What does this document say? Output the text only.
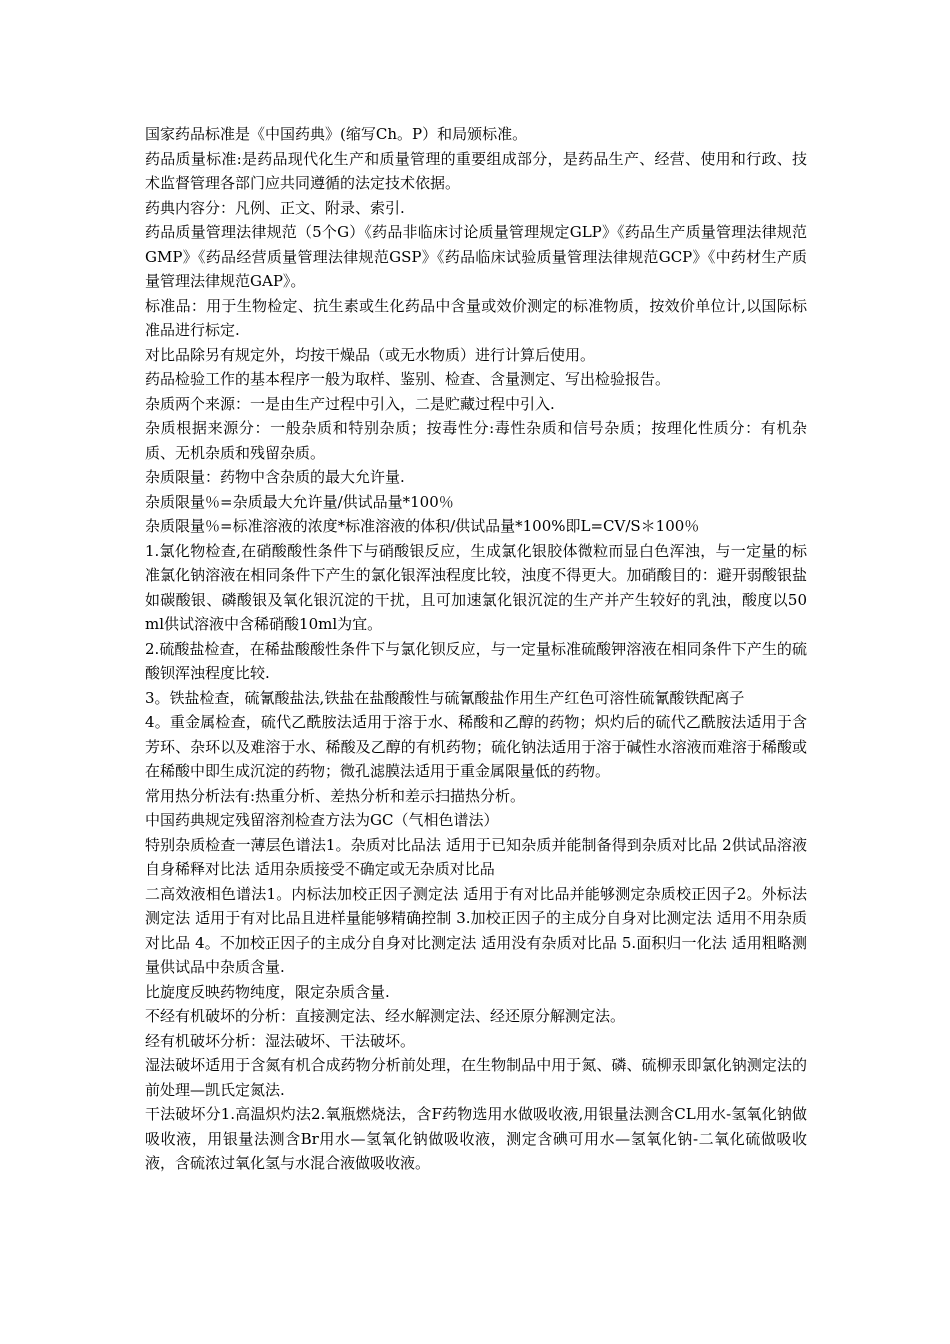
国家药品标准是《中国药典》(缩写Ch。P）和局颁标准。

药品质量标准:是药品现代化生产和质量管理的重要组成部分，是药品生产、经营、使用和行政、技术监督管理各部门应共同遵循的法定技术依据。

药典内容分：凡例、正文、附录、索引.

药品质量管理法律规范（5个G）《药品非临床讨论质量管理规定GLP》《药品生产质量管理法律规范GMP》《药品经营质量管理法律规范GSP》《药品临床试验质量管理法律规范GCP》《中药材生产质量管理法律规范GAP》。

标准品：用于生物检定、抗生素或生化药品中含量或效价测定的标准物质，按效价单位计,以国际标准品进行标定.

对比品除另有规定外，均按干燥品（或无水物质）进行计算后使用。

药品检验工作的基本程序一般为取样、鉴别、检查、含量测定、写出检验报告。

杂质两个来源：一是由生产过程中引入，二是贮藏过程中引入.

杂质根据来源分：一般杂质和特别杂质；按毒性分:毒性杂质和信号杂质；按理化性质分：有机杂质、无机杂质和残留杂质。

杂质限量：药物中含杂质的最大允许量.

杂质限量％=杂质最大允许量/供试品量*100％

杂质限量％=标准溶液的浓度*标准溶液的体积/供试品量*100%即L=CV/S＊100％

1.氯化物检查,在硝酸酸性条件下与硝酸银反应，生成氯化银胶体微粒而显白色浑浊，与一定量的标准氯化钠溶液在相同条件下产生的氯化银浑浊程度比较，浊度不得更大。加硝酸目的：避开弱酸银盐如碳酸银、磷酸银及氧化银沉淀的干扰，且可加速氯化银沉淀的生产并产生较好的乳浊，酸度以50ml供试溶液中含稀硝酸10ml为宜。

2.硫酸盐检查，在稀盐酸酸性条件下与氯化钡反应，与一定量标准硫酸钾溶液在相同条件下产生的硫酸钡浑浊程度比较.

3。铁盐检查，硫氰酸盐法,铁盐在盐酸酸性与硫氰酸盐作用生产红色可溶性硫氰酸铁配离子

4。重金属检查，硫代乙酰胺法适用于溶于水、稀酸和乙醇的药物；炽灼后的硫代乙酰胺法适用于含芳环、杂环以及难溶于水、稀酸及乙醇的有机药物；硫化钠法适用于溶于碱性水溶液而难溶于稀酸或在稀酸中即生成沉淀的药物；微孔滤膜法适用于重金属限量低的药物。

常用热分析法有:热重分析、差热分析和差示扫描热分析。

中国药典规定残留溶剂检查方法为GC（气相色谱法）

特别杂质检查一薄层色谱法1。杂质对比品法 适用于已知杂质并能制备得到杂质对比品 2供试品溶液自身稀释对比法 适用杂质接受不确定或无杂质对比品

二高效液相色谱法1。内标法加校正因子测定法 适用于有对比品并能够测定杂质校正因子2。外标法测定法 适用于有对比品且进样量能够精确控制 3.加校正因子的主成分自身对比测定法 适用不用杂质对比品 4。不加校正因子的主成分自身对比测定法 适用没有杂质对比品 5.面积归一化法 适用粗略测量供试品中杂质含量.

比旋度反映药物纯度，限定杂质含量.

不经有机破坏的分析：直接测定法、经水解测定法、经还原分解测定法。

经有机破坏分析：湿法破坏、干法破坏。

湿法破坏适用于含氮有机合成药物分析前处理，在生物制品中用于氮、磷、硫柳汞即氯化钠测定法的前处理—凯氏定氮法.

干法破坏分1.高温炽灼法2.氧瓶燃烧法，含F药物选用水做吸收液,用银量法测含CL用水-氢氧化钠做吸收液，用银量法测含Br用水—氢氧化钠做吸收液，测定含碘可用水—氢氧化钠-二氧化硫做吸收液，含硫浓过氧化氢与水混合液做吸收液。
